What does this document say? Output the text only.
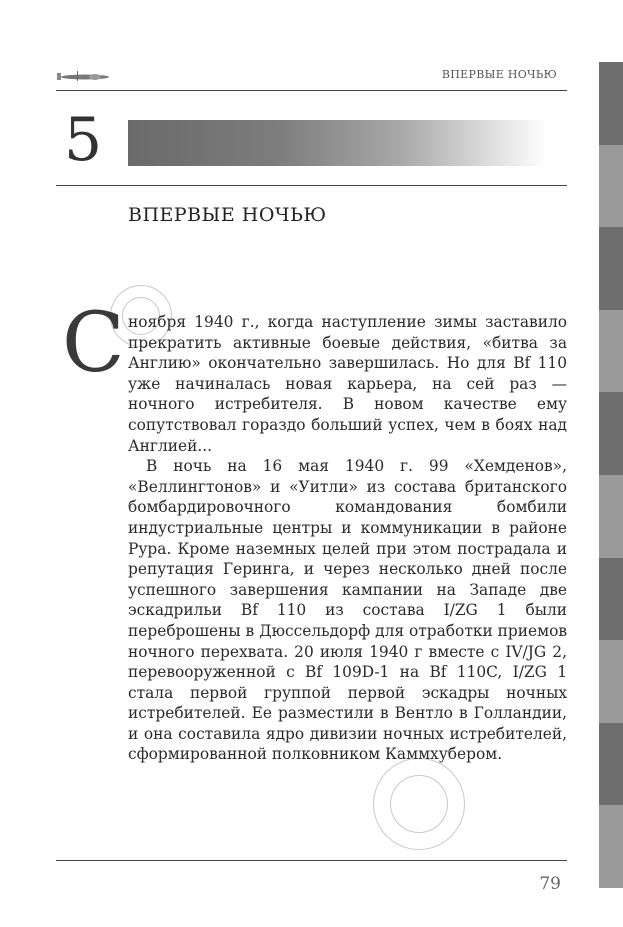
ВПЕРВЫЕ НОЧЬЮ
5
ВПЕРВЫЕ НОЧЬЮ
С ноября 1940 г., когда наступление зимы заставило прекратить активные боевые действия, «битва за Англию» окончательно завершилась. Но для Bf 110 уже начиналась новая карьера, на сей раз — ночного истребителя. В новом качестве ему сопутствовал гораздо больший успех, чем в боях над Англией...

В ночь на 16 мая 1940 г. 99 «Хемденов», «Веллингтонов» и «Уитли» из состава британского бомбардировочного командования бомбили индустриальные центры и коммуникации в районе Рура. Кроме наземных целей при этом пострадала и репутация Геринга, и через несколько дней после успешного завершения кампании на Западе две эскадрильи Bf 110 из состава I/ZG 1 были переброшены в Дюссельдорф для отработки приемов ночного перехвата. 20 июля 1940 г вместе с IV/JG 2, перевооруженной с Bf 109D-1 на Bf 110C, I/ZG 1 стала первой группой первой эскадры ночных истребителей. Ее разместили в Вентло в Голландии, и она составила ядро дивизии ночных истребителей, сформированной полковником Каммхубером.

79
